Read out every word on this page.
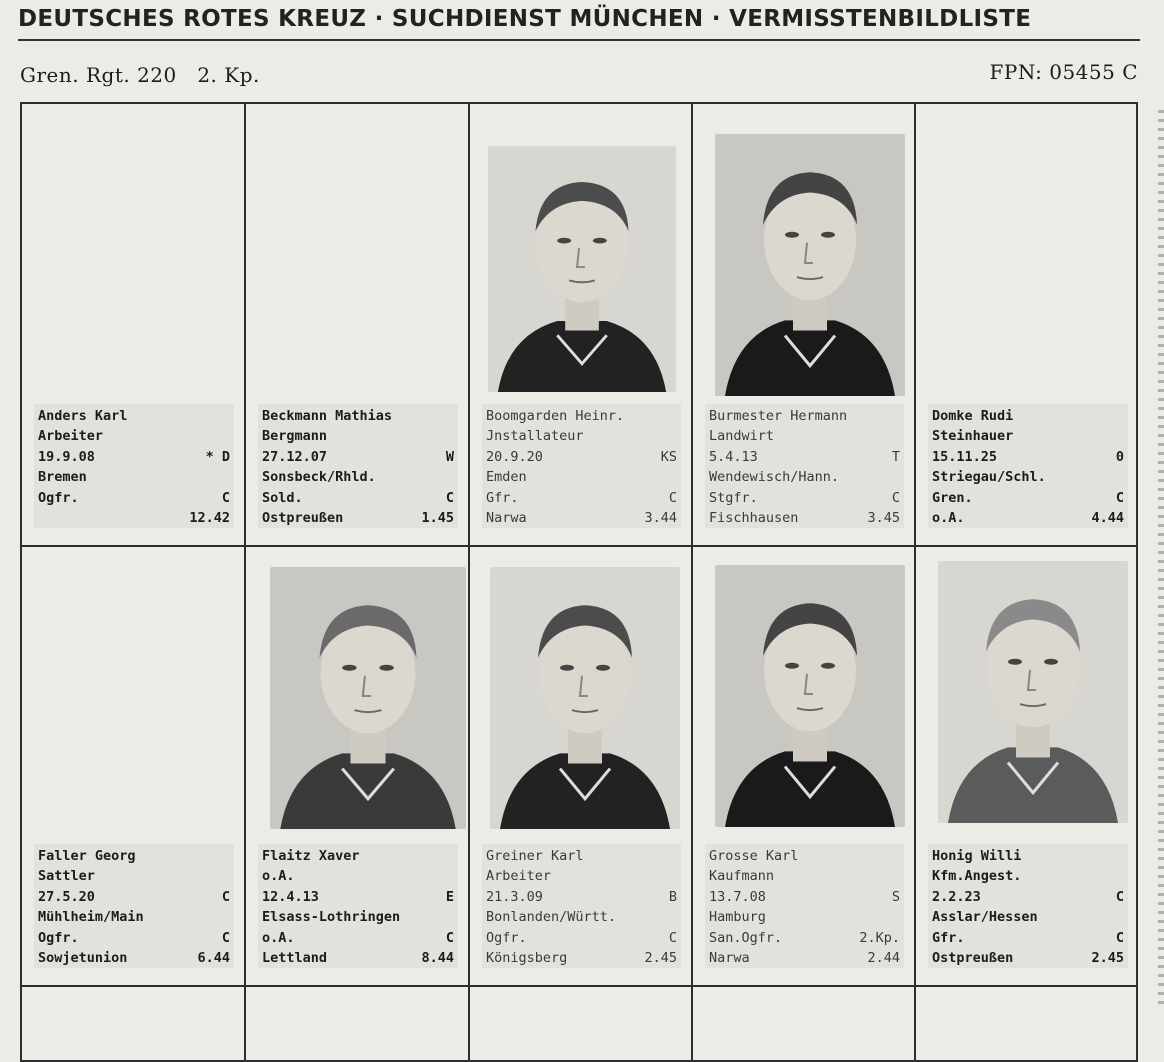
DEUTSCHES ROTES KREUZ · SUCHDIENST MÜNCHEN · VERMISSTENBILDLISTE
Gren. Rgt. 220   2. Kp.	FPN: 05455 C
Anders Karl
Arbeiter
19.9.08	* D
Bremen
Ogfr.	C
12.42
Beckmann Mathias
Bergmann
27.12.07	W
Sonsbeck/Rhld.
Sold.	C
Ostpreußen	1.45
Boomgarden Heinr.
Jnstallateur
20.9.20	KS
Emden
Gfr.	C
Narwa	3.44
Burmester Hermann
Landwirt
5.4.13	T
Wendewisch/Hann.
Stgfr.	C
Fischhausen	3.45
Domke Rudi
Steinhauer
15.11.25	0
Striegau/Schl.
Gren.	C
o.A.	4.44
Faller Georg
Sattler
27.5.20	C
Mühlheim/Main
Ogfr.	C
Sowjetunion	6.44
Flaitz Xaver
o.A.
12.4.13	E
Elsass-Lothringen
o.A.	C
Lettland	8.44
Greiner Karl
Arbeiter
21.3.09	B
Bonlanden/Württ.
Ogfr.	C
Königsberg	2.45
Grosse Karl
Kaufmann
13.7.08	S
Hamburg
San.Ogfr.	2.Kp.
Narwa	2.44
Honig Willi
Kfm.Angest.
2.2.23	C
Asslar/Hessen
Gfr.	C
Ostpreußen	2.45
